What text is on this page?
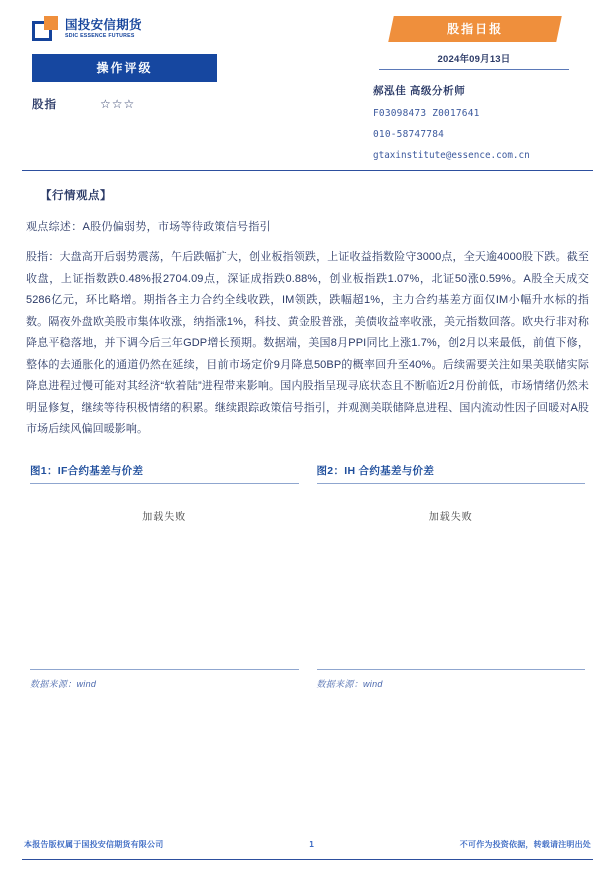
国投安信期货
SDIC ESSENCE FUTURES
操作评级
股指	☆☆☆
股指日报
2024年09月13日
郝泓佳 高级分析师
F03098473 Z0017641
010-58747784
gtaxinstitute@essence.com.cn
【行情观点】
观点综述：A股仍偏弱势，市场等待政策信号指引
股指：大盘高开后弱势震荡，午后跌幅扩大，创业板指领跌，上证收益指数险守3000点，全天逾4000股下跌。截至收盘，上证指数跌0.48%报2704.09点，深证成指跌0.88%，创业板指跌1.07%，北证50涨0.59%。A股全天成交5286亿元，环比略增。期指各主力合约全线收跌，IM领跌，跌幅超1%，主力合约基差方面仅IM小幅升水标的指数。隔夜外盘欧美股市集体收涨，纳指涨1%，科技、黄金股普涨，美债收益率收涨，美元指数回落。欧央行非对称降息平稳落地，并下调今后三年GDP增长预期。数据端，美国8月PPI同比上涨1.7%，创2月以来最低，前值下修，整体的去通胀化的通道仍然在延续，目前市场定价9月降息50BP的概率回升至40%。后续需要关注如果美联储实际降息进程过慢可能对其经济“软着陆”进程带来影响。国内股指呈现寻底状态且不断临近2月份前低，市场情绪仍然未明显修复，继续等待积极情绪的积累。继续跟踪政策信号指引，并观测美联储降息进程、国内流动性因子回暖对A股市场后续风偏回暖影响。
图1：IF合约基差与价差
加载失败
数据来源：wind
图2：IH 合约基差与价差
加载失败
数据来源：wind
本报告版权属于国投安信期货有限公司	1	不可作为投资依据，转载请注明出处
